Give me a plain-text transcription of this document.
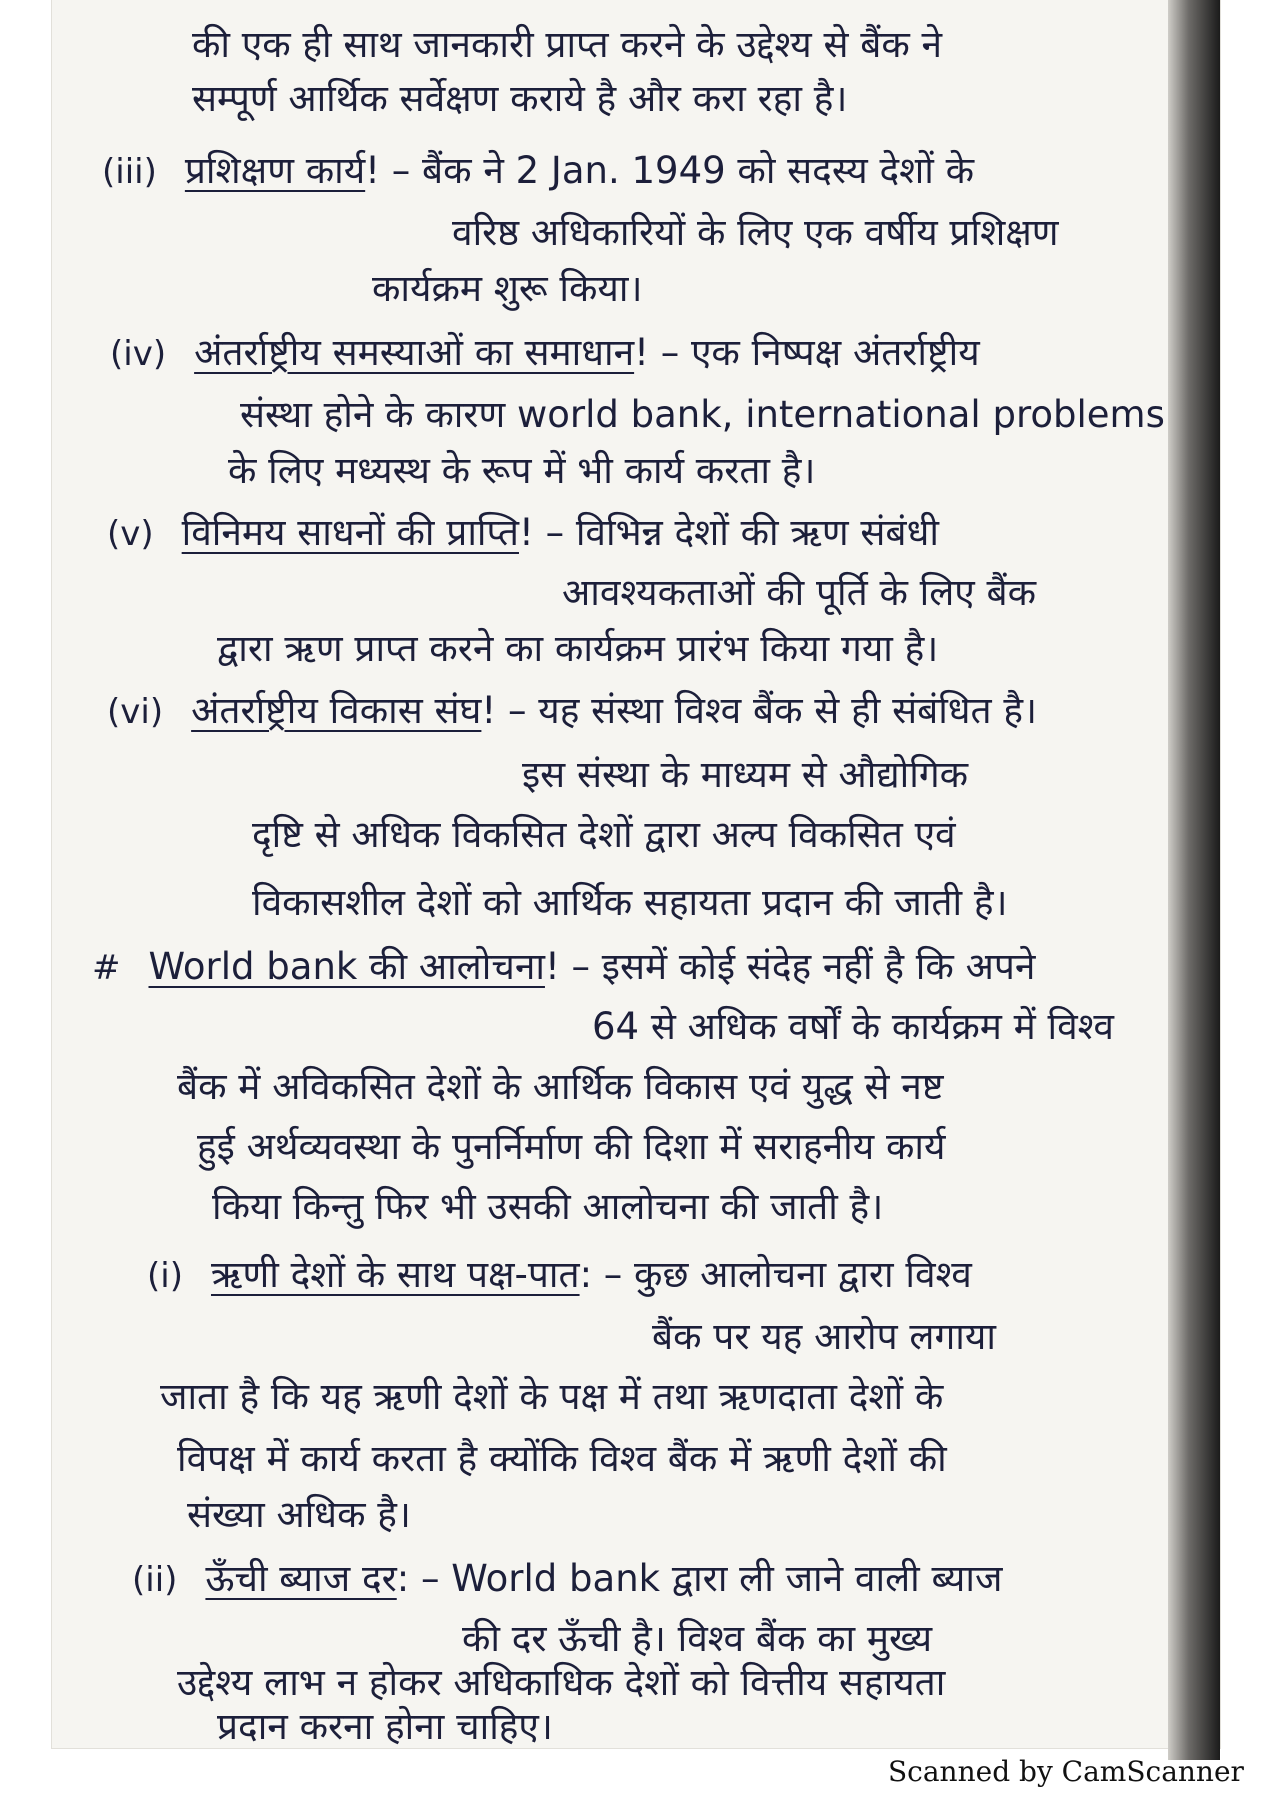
की एक ही साथ जानकारी प्राप्त करने के उद्देश्य से बैंक ने

सम्पूर्ण आर्थिक सर्वेक्षण कराये है और करा रहा है।

(iii) प्रशिक्षण कार्य! – बैंक ने 2 Jan. 1949 को सदस्य देशों के

वरिष्ठ अधिकारियों के लिए एक वर्षीय प्रशिक्षण

कार्यक्रम शुरू किया।

(iv) अंतर्राष्ट्रीय समस्याओं का समाधान! – एक निष्पक्ष अंतर्राष्ट्रीय

संस्था होने के कारण world bank, international problems

के लिए मध्यस्थ के रूप में भी कार्य करता है।

(v) विनिमय साधनों की प्राप्ति! – विभिन्न देशों की ऋण संबंधी

आवश्यकताओं की पूर्ति के लिए बैंक

द्वारा ऋण प्राप्त करने का कार्यक्रम प्रारंभ किया गया है।

(vi) अंतर्राष्ट्रीय विकास संघ! – यह संस्था विश्व बैंक से ही संबंधित है।

इस संस्था के माध्यम से औद्योगिक

दृष्टि से अधिक विकसित देशों द्वारा अल्प विकसित एवं

विकासशील देशों को आर्थिक सहायता प्रदान की जाती है।

# World bank की आलोचना! – इसमें कोई संदेह नहीं है कि अपने

64 से अधिक वर्षों के कार्यक्रम में विश्व

बैंक में अविकसित देशों के आर्थिक विकास एवं युद्ध से नष्ट

हुई अर्थव्यवस्था के पुनर्निर्माण की दिशा में सराहनीय कार्य

किया किन्तु फिर भी उसकी आलोचना की जाती है।

(i) ऋणी देशों के साथ पक्ष-पात: – कुछ आलोचना द्वारा विश्व

बैंक पर यह आरोप लगाया

जाता है कि यह ऋणी देशों के पक्ष में तथा ऋणदाता देशों के

विपक्ष में कार्य करता है क्योंकि विश्व बैंक में ऋणी देशों की

संख्या अधिक है।

(ii) ऊँची ब्याज दर: – World bank द्वारा ली जाने वाली ब्याज

की दर ऊँची है। विश्व बैंक का मुख्य

उद्देश्य लाभ न होकर अधिकाधिक देशों को वित्तीय सहायता

प्रदान करना होना चाहिए।

Scanned by CamScanner
